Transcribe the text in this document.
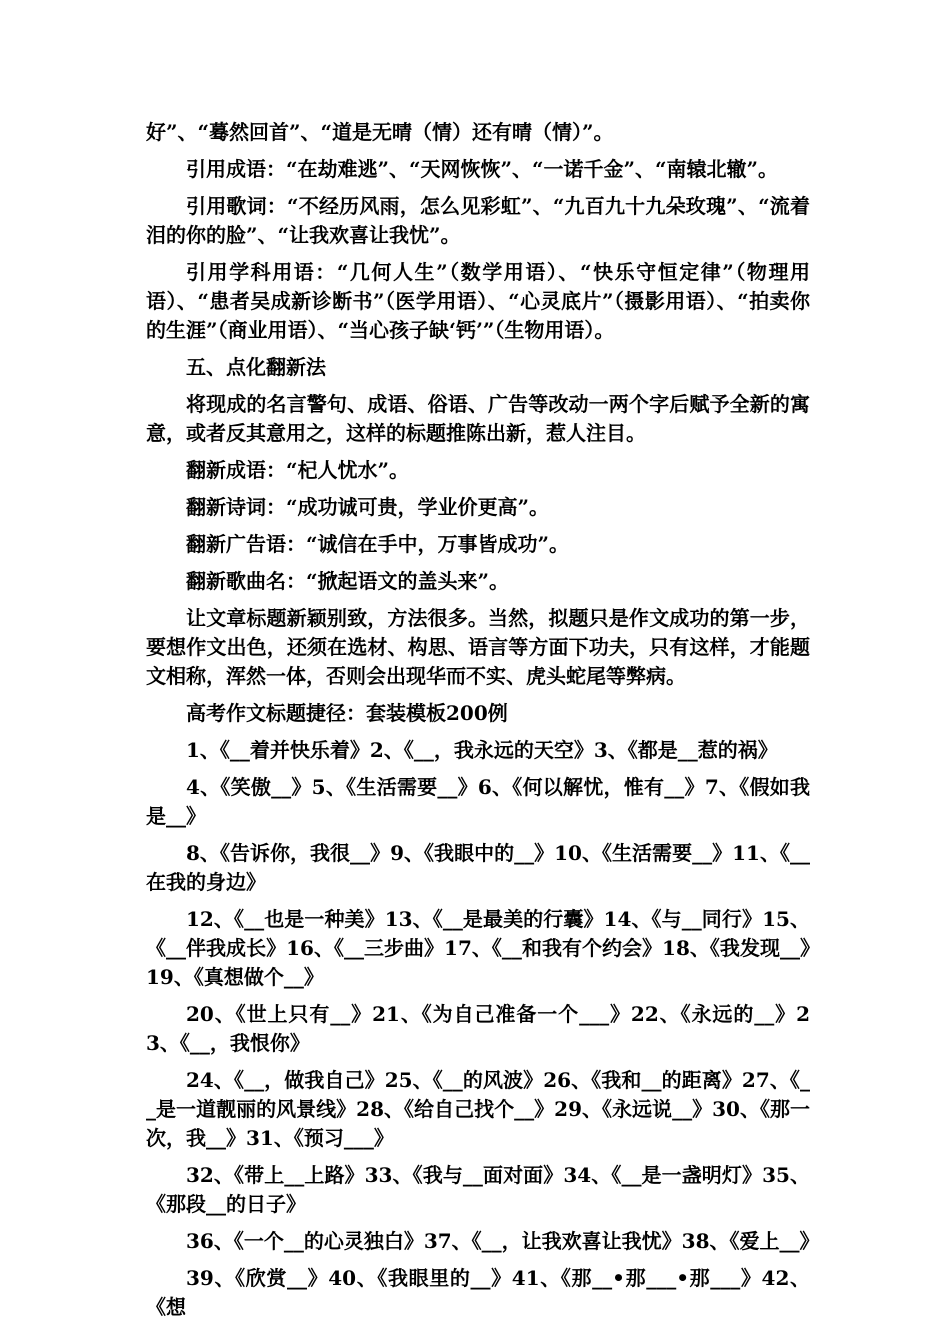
好”、“蓦然回首”、“道是无晴（情）还有晴（情）”。

引用成语：“在劫难逃”、“天网恢恢”、“一诺千金”、“南辕北辙”。

引用歌词：“不经历风雨，怎么见彩虹”、“九百九十九朵玫瑰”、“流着泪的你的脸”、“让我欢喜让我忧”。

引用学科用语：“几何人生”（数学用语）、“快乐守恒定律”（物理用语）、“患者吴成新诊断书”（医学用语）、“心灵底片”（摄影用语）、“拍卖你的生涯”（商业用语）、“当心孩子缺‘钙’”（生物用语）。

五、点化翻新法

将现成的名言警句、成语、俗语、广告等改动一两个字后赋予全新的寓意，或者反其意用之，这样的标题推陈出新，惹人注目。

翻新成语：“杞人忧水”。

翻新诗词：“成功诚可贵，学业价更高”。

翻新广告语：“诚信在手中，万事皆成功”。

翻新歌曲名：“掀起语文的盖头来”。

让文章标题新颖别致，方法很多。当然，拟题只是作文成功的第一步，要想作文出色，还须在选材、构思、语言等方面下功夫，只有这样，才能题文相称，浑然一体，否则会出现华而不实、虎头蛇尾等弊病。

高考作文标题捷径：套装模板200例

1、《__着并快乐着》2、《__，我永远的天空》3、《都是__惹的祸》

4、《笑傲__》5、《生活需要__》6、《何以解忧，惟有__》7、《假如我是__》

8、《告诉你，我很__》9、《我眼中的__》10、《生活需要__》11、《__在我的身边》

12、《__也是一种美》13、《__是最美的行囊》14、《与__同行》15、《__伴我成长》16、《__三步曲》17、《__和我有个约会》18、《我发现__》19、《真想做个__》

20、《世上只有__》21、《为自己准备一个___》22、《永远的__》23、《__，我恨你》

24、《__，做我自己》25、《__的风波》26、《我和__的距离》27、《__是一道靓丽的风景线》28、《给自己找个__》29、《永远说__》30、《那一次，我__》31、《预习___》

32、《带上__上路》33、《我与__面对面》34、《__是一盏明灯》35、《那段__的日子》

36、《一个__的心灵独白》37、《__，让我欢喜让我忧》38、《爱上__》

39、《欣赏__》40、《我眼里的__》41、《那__•那___•那___》42、《想
